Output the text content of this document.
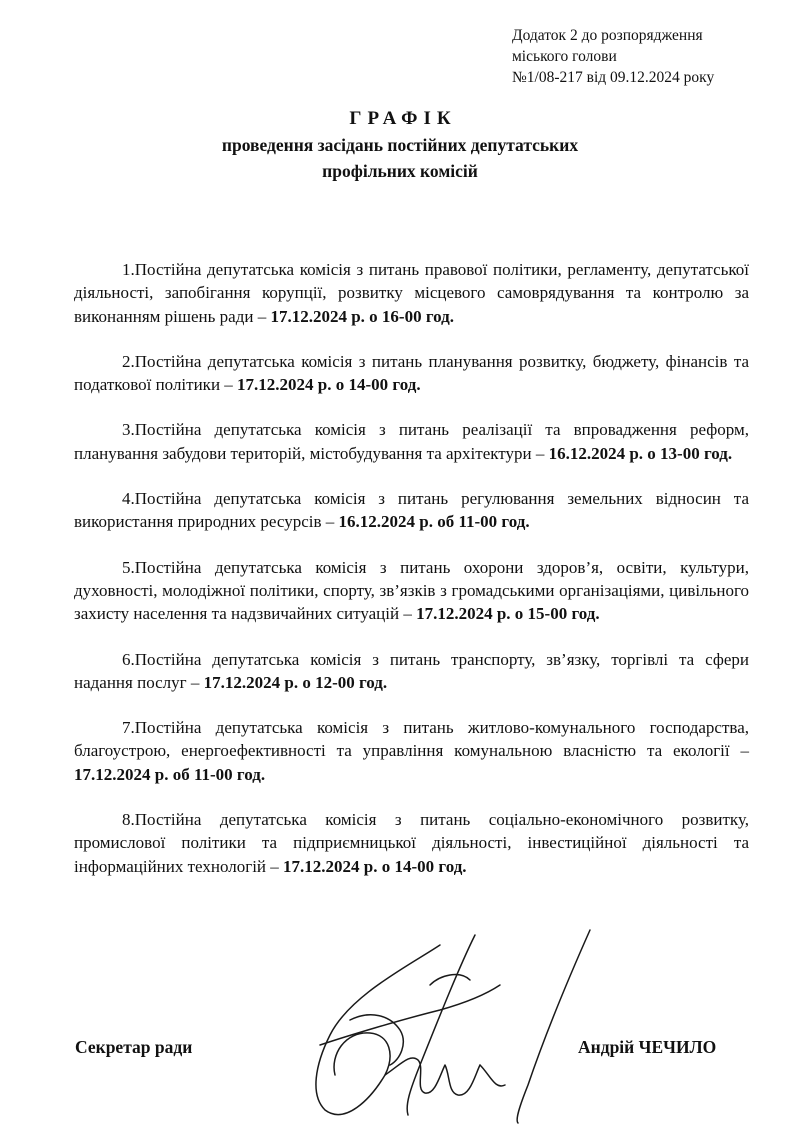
Додаток 2 до розпорядження
міського голови
№1/08-217 від 09.12.2024 року
ГРАФІК
проведення засідань постійних депутатських
профільних комісій

1.Постійна депутатська комісія з питань правової політики, регламенту, депутатської діяльності, запобігання корупції, розвитку місцевого самоврядування та контролю за виконанням рішень ради – 17.12.2024 р. о 16-00 год.

2.Постійна депутатська комісія з питань планування розвитку, бюджету, фінансів та податкової політики – 17.12.2024 р. о 14-00 год.

3.Постійна депутатська комісія з питань реалізації та впровадження реформ, планування забудови територій, містобудування та архітектури – 16.12.2024 р. о 13-00 год.

4.Постійна депутатська комісія з питань регулювання земельних відносин та використання природних ресурсів – 16.12.2024 р. об 11-00 год.

5.Постійна депутатська комісія з питань охорони здоров’я, освіти, культури, духовності, молодіжної політики, спорту, зв’язків з громадськими організаціями, цивільного захисту населення та надзвичайних ситуацій – 17.12.2024 р. о 15-00 год.

6.Постійна депутатська комісія з питань транспорту, зв’язку, торгівлі та сфери надання послуг – 17.12.2024 р. о 12-00 год.

7.Постійна депутатська комісія з питань житлово-комунального господарства, благоустрою, енергоефективності та управління комунальною власністю та екології – 17.12.2024 р. об 11-00 год.

8.Постійна депутатська комісія з питань соціально-економічного розвитку, промислової політики та підприємницької діяльності, інвестиційної діяльності та інформаційних технологій – 17.12.2024 р. о 14-00 год.

Секретар ради	Андрій ЧЕЧИЛО
